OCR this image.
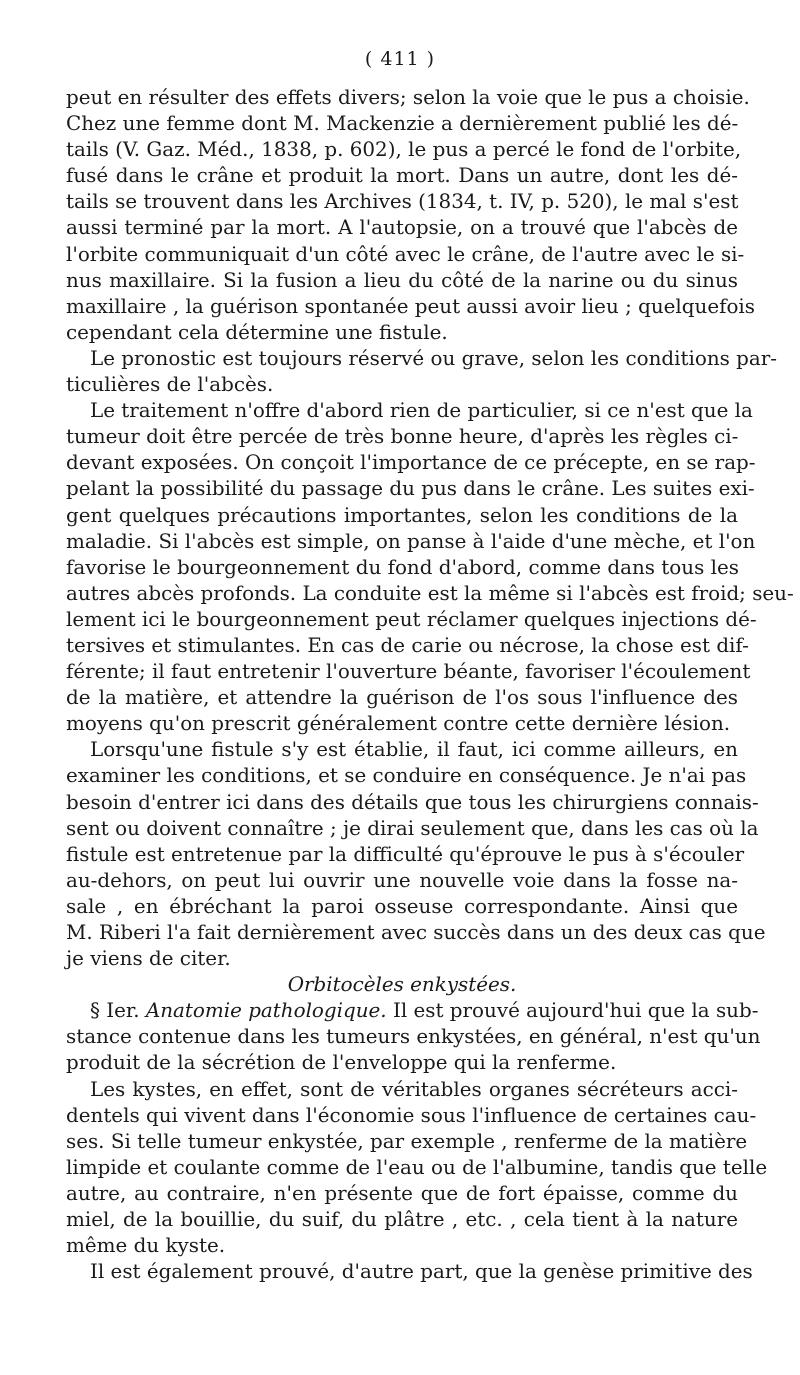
( 411 )
peut en résulter des effets divers; selon la voie que le pus a choisie.
Chez une femme dont M. Mackenzie a dernièrement publié les dé-
tails (V. Gaz. Méd., 1838, p. 602), le pus a percé le fond de l'orbite,
fusé dans le crâne et produit la mort. Dans un autre, dont les dé-
tails se trouvent dans les Archives (1834, t. IV, p. 520), le mal s'est
aussi terminé par la mort. A l'autopsie, on a trouvé que l'abcès de
l'orbite communiquait d'un côté avec le crâne, de l'autre avec le si-
nus maxillaire. Si la fusion a lieu du côté de la narine ou du sinus
maxillaire , la guérison spontanée peut aussi avoir lieu ; quelquefois
cependant cela détermine une fistule.
Le pronostic est toujours réservé ou grave, selon les conditions par-
ticulières de l'abcès.
Le traitement n'offre d'abord rien de particulier, si ce n'est que la
tumeur doit être percée de très bonne heure, d'après les règles ci-
devant exposées. On conçoit l'importance de ce précepte, en se rap-
pelant la possibilité du passage du pus dans le crâne. Les suites exi-
gent quelques précautions importantes, selon les conditions de la
maladie. Si l'abcès est simple, on panse à l'aide d'une mèche, et l'on
favorise le bourgeonnement du fond d'abord, comme dans tous les
autres abcès profonds. La conduite est la même si l'abcès est froid; seu-
lement ici le bourgeonnement peut réclamer quelques injections dé-
tersives et stimulantes. En cas de carie ou nécrose, la chose est dif-
férente; il faut entretenir l'ouverture béante, favoriser l'écoulement
de la matière, et attendre la guérison de l'os sous l'influence des
moyens qu'on prescrit généralement contre cette dernière lésion.
Lorsqu'une fistule s'y est établie, il faut, ici comme ailleurs, en
examiner les conditions, et se conduire en conséquence. Je n'ai pas
besoin d'entrer ici dans des détails que tous les chirurgiens connais-
sent ou doivent connaître ; je dirai seulement que, dans les cas où la
fistule est entretenue par la difficulté qu'éprouve le pus à s'écouler
au-dehors, on peut lui ouvrir une nouvelle voie dans la fosse na-
sale , en ébréchant la paroi osseuse correspondante. Ainsi que
M. Riberi l'a fait dernièrement avec succès dans un des deux cas que
je viens de citer.
Orbitocèles enkystées.
§ Ier. Anatomie pathologique. Il est prouvé aujourd'hui que la sub-
stance contenue dans les tumeurs enkystées, en général, n'est qu'un
produit de la sécrétion de l'enveloppe qui la renferme.
Les kystes, en effet, sont de véritables organes sécréteurs acci-
dentels qui vivent dans l'économie sous l'influence de certaines cau-
ses. Si telle tumeur enkystée, par exemple , renferme de la matière
limpide et coulante comme de l'eau ou de l'albumine, tandis que telle
autre, au contraire, n'en présente que de fort épaisse, comme du
miel, de la bouillie, du suif, du plâtre , etc. , cela tient à la nature
même du kyste.
Il est également prouvé, d'autre part, que la genèse primitive des
